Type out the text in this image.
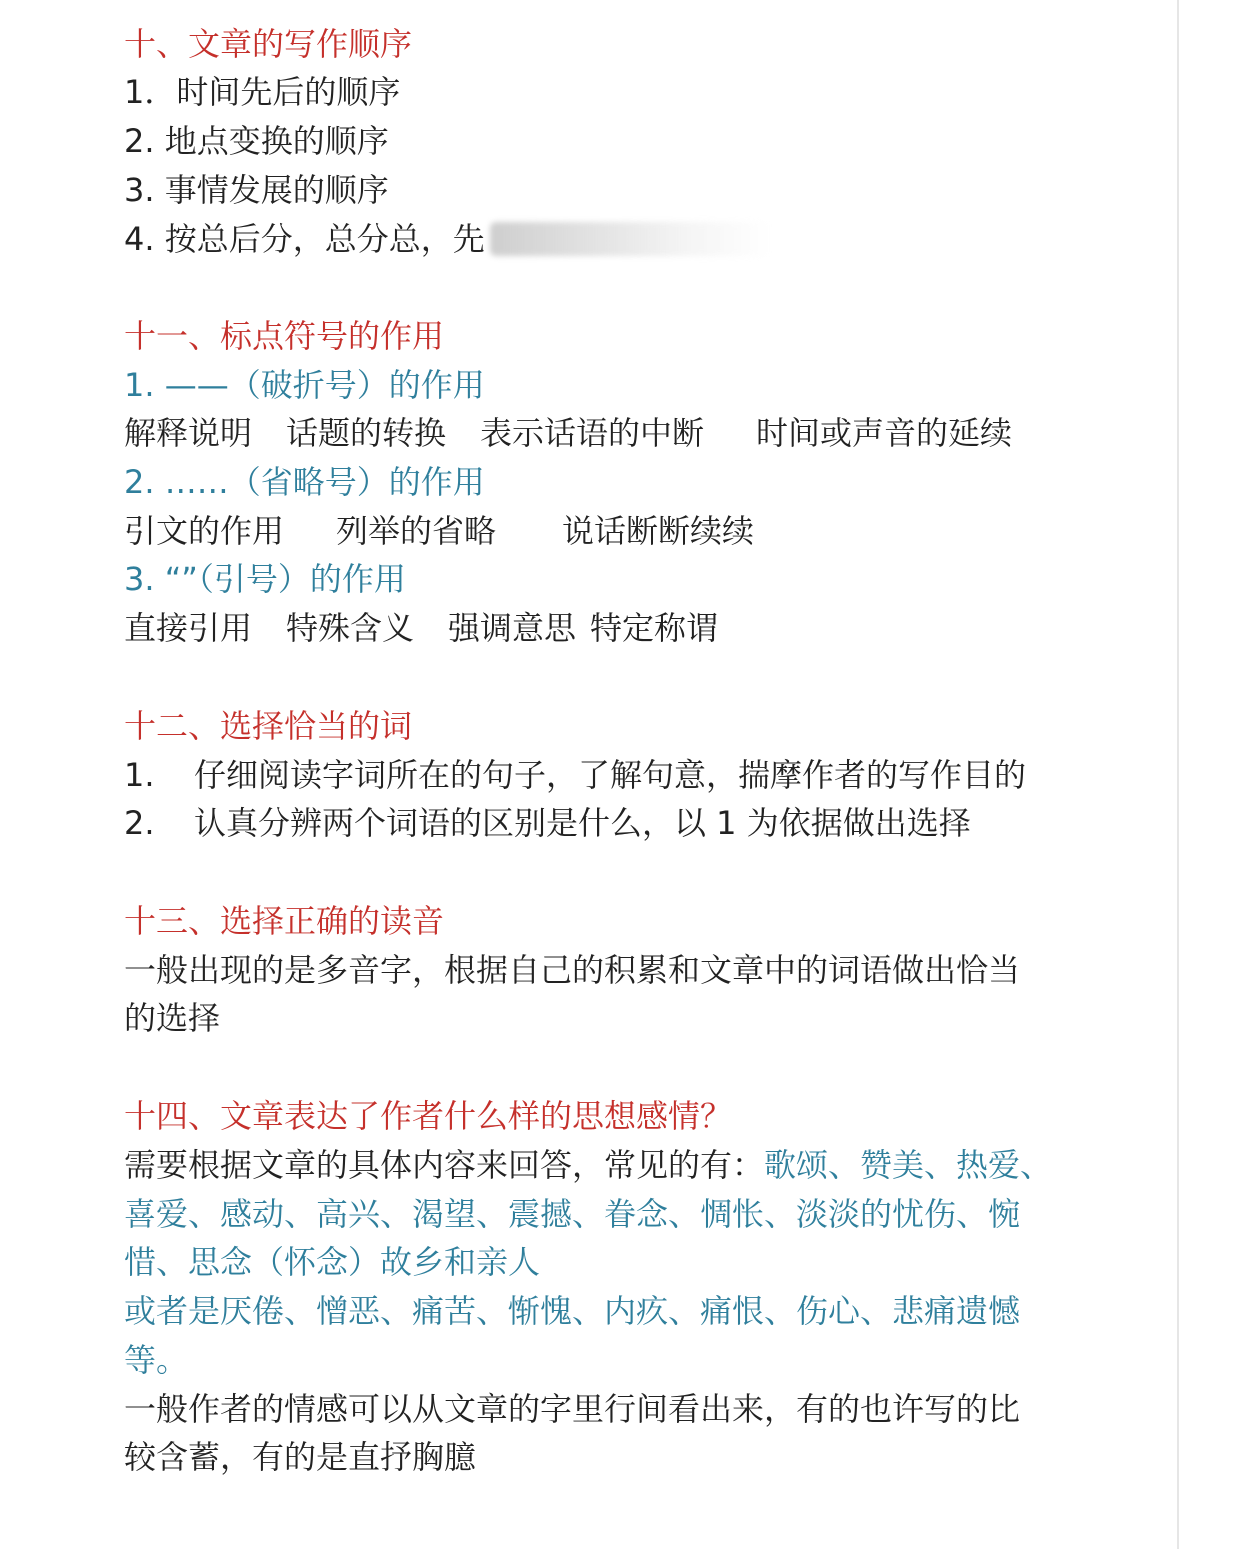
十、文章的写作顺序
1．时间先后的顺序
2. 地点变换的顺序
3. 事情发展的顺序
4. 按总后分，总分总，先
十一、标点符号的作用
1. ——（破折号）的作用
解释说明 话题的转换 表示话语的中断 时间或声音的延续
2. ……（省略号）的作用
引文的作用 列举的省略 说话断断续续
3. “”（引号）的作用
直接引用 特殊含义 强调意思 特定称谓
十二、选择恰当的词
1. 仔细阅读字词所在的句子，了解句意，揣摩作者的写作目的
2. 认真分辨两个词语的区别是什么，以 1 为依据做出选择
十三、选择正确的读音
一般出现的是多音字，根据自己的积累和文章中的词语做出恰当
的选择
十四、文章表达了作者什么样的思想感情？
需要根据文章的具体内容来回答，常见的有：歌颂、赞美、热爱、
喜爱、感动、高兴、渴望、震撼、眷念、惆怅、淡淡的忧伤、惋
惜、思念（怀念）故乡和亲人
或者是厌倦、憎恶、痛苦、惭愧、内疚、痛恨、伤心、悲痛遗憾
等。
一般作者的情感可以从文章的字里行间看出来，有的也许写的比
较含蓄，有的是直抒胸臆
